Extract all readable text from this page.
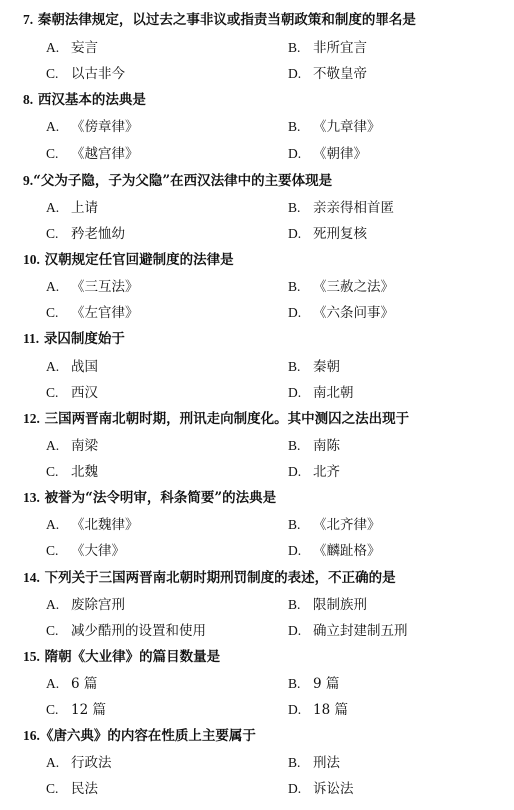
7. 秦朝法律规定，以过去之事非议或指责当朝政策和制度的罪名是
A. 妄言	B. 非所宜言
C. 以古非今	D. 不敬皇帝
8. 西汉基本的法典是
A. 《傍章律》	B. 《九章律》
C. 《越宫律》	D. 《朝律》
9.“父为子隐，子为父隐”在西汉法律中的主要体现是
A. 上请	B. 亲亲得相首匿
C. 矜老恤幼	D. 死刑复核
10. 汉朝规定任官回避制度的法律是
A. 《三互法》	B. 《三赦之法》
C. 《左官律》	D. 《六条问事》
11. 录囚制度始于
A. 战国	B. 秦朝
C. 西汉	D. 南北朝
12. 三国两晋南北朝时期，刑讯走向制度化。其中测囚之法出现于
A. 南梁	B. 南陈
C. 北魏	D. 北齐
13. 被誉为“法令明审，科条简要”的法典是
A. 《北魏律》	B. 《北齐律》
C. 《大律》	D. 《麟趾格》
14. 下列关于三国两晋南北朝时期刑罚制度的表述，不正确的是
A. 废除宫刑	B. 限制族刑
C. 减少酷刑的设置和使用	D. 确立封建制五刑
15. 隋朝《大业律》的篇目数量是
A. 6 篇	B. 9 篇
C. 12 篇	D. 18 篇
16.《唐六典》的内容在性质上主要属于
A. 行政法	B. 刑法
C. 民法	D. 诉讼法
